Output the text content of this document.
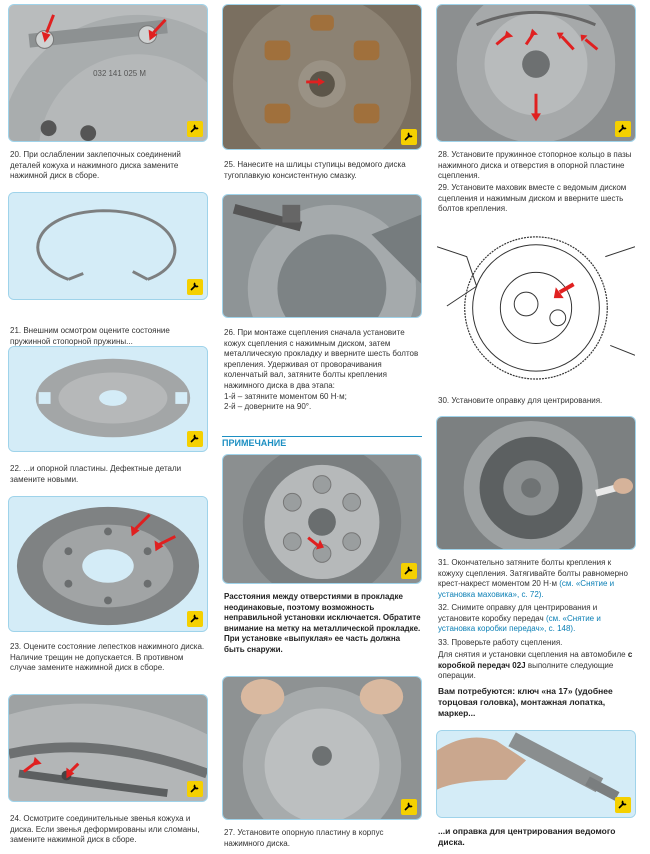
032 141 025 M
20. При ослаблении заклепочных соединений деталей кожуха и нажимного диска замените нажимной диск в сборе.
21. Внешним осмотром оцените состояние пружинной стопорной пружины...
22. ...и опорной пластины. Дефектные детали замените новыми.
23. Оцените состояние лепестков нажимного диска. Наличие трещин не допускается. В противном случае замените нажимной диск в сборе.
24. Осмотрите соединительные звенья кожуха и диска. Если звенья деформированы или сломаны, замените нажимной диск в сборе.
25. Нанесите на шлицы ступицы ведомого диска тугоплавкую консистентную смазку.

26. При монтаже сцепления сначала установите кожух сцепления с нажимным диском, затем металлическую прокладку и вверните шесть болтов крепления. Удерживая от проворачивания коленчатый вал, затяните болты крепления нажимного диска в два этапа:

1-й – затяните моментом 60 Н·м;

2-й – доверните на 90°.

ПРИМЕЧАНИЕ
Расстояния между отверстиями в прокладке неодинаковые, поэтому возможность неправильной установки исключается. Обратите внимание на метку на металлической прокладке. При установке «выпуклая» ее часть должна быть снаружи.
27. Установите опорную пластину в корпус нажимного диска.
28. Установите пружинное стопорное кольцо в пазы нажимного диска и отверстия в опорной пластине сцепления.
29. Установите маховик вместе с ведомым диском сцепления и нажимным диском и вверните шесть болтов крепления.
30. Установите оправку для центрирования.
31. Окончательно затяните болты крепления к кожуху сцепления. Затягивайте болты равномерно крест-накрест моментом 20 Н·м (см. «Снятие и установка маховика», с. 72).
32. Снимите оправку для центрирования и установите коробку передач (см. «Снятие и установка коробки передач», с. 148).
33. Проверьте работу сцепления.
Для снятия и установки сцепления на автомобиле с коробкой передач 02J выполните следующие операции.
Вам потребуются: ключ «на 17» (удобнее торцовая головка), монтажная лопатка, маркер...
...и оправка для центрирования ведомого диска.
